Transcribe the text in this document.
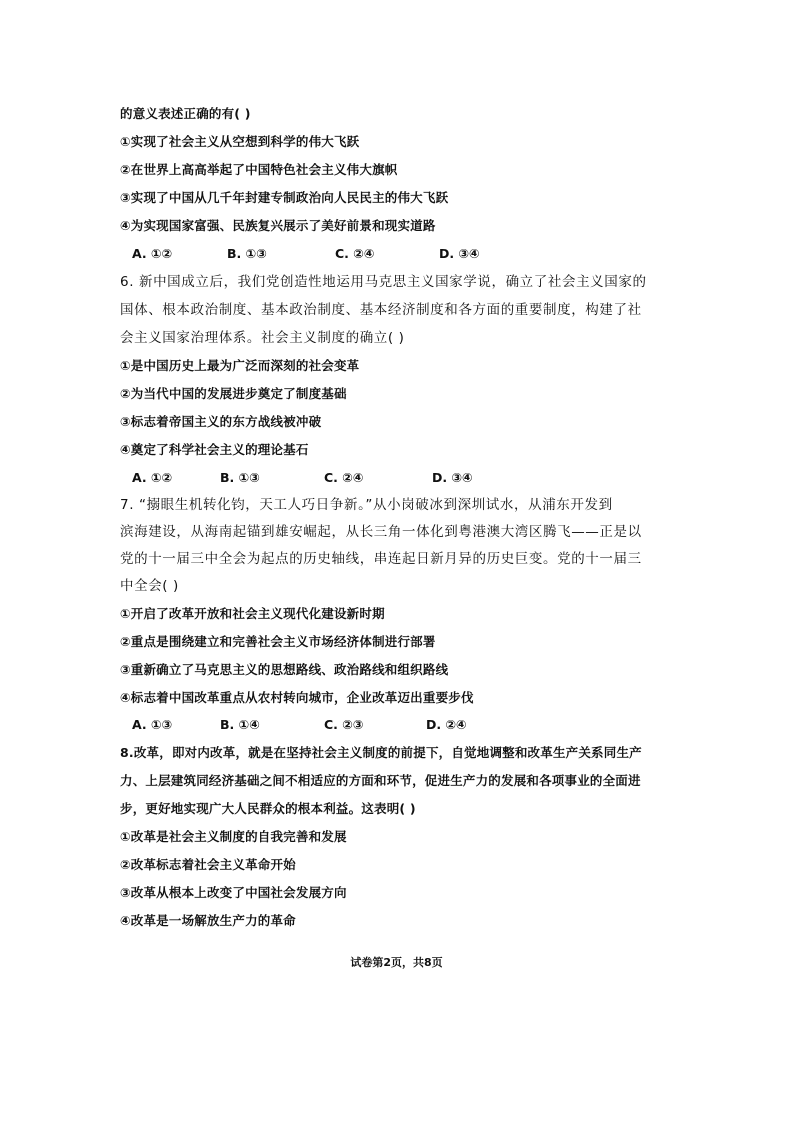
的意义表述正确的有( )
①实现了社会主义从空想到科学的伟大飞跃
②在世界上高高举起了中国特色社会主义伟大旗帜
③实现了中国从几千年封建专制政治向人民民主的伟大飞跃
④为实现国家富强、民族复兴展示了美好前景和现实道路
A. ①②	B. ①③	C. ②④	D. ③④
6. 新中国成立后，我们党创造性地运用马克思主义国家学说，确立了社会主义国家的
国体、根本政治制度、基本政治制度、基本经济制度和各方面的重要制度，构建了社
会主义国家治理体系。社会主义制度的确立( )
①是中国历史上最为广泛而深刻的社会变革
②为当代中国的发展进步奠定了制度基础
③标志着帝国主义的东方战线被冲破
④奠定了科学社会主义的理论基石
A. ①②	B. ①③	C. ②④	D. ③④
7. “搦眼生机转化钧，天工人巧日争新。”从小岗破冰到深圳试水，从浦东开发到
滨海建设，从海南起锚到雄安崛起，从长三角一体化到粤港澳大湾区腾飞——正是以
党的十一届三中全会为起点的历史轴线，串连起日新月异的历史巨变。党的十一届三
中全会( )
①开启了改革开放和社会主义现代化建设新时期
②重点是围绕建立和完善社会主义市场经济体制进行部署
③重新确立了马克思主义的思想路线、政治路线和组织路线
④标志着中国改革重点从农村转向城市，企业改革迈出重要步伐
A. ①③	B. ①④	C. ②③	D. ②④
8.改革，即对内改革，就是在坚持社会主义制度的前提下，自觉地调整和改革生产关系同生产
力、上层建筑同经济基础之间不相适应的方面和环节，促进生产力的发展和各项事业的全面进
步，更好地实现广大人民群众的根本利益。这表明( )
①改革是社会主义制度的自我完善和发展
②改革标志着社会主义革命开始
③改革从根本上改变了中国社会发展方向
④改革是一场解放生产力的革命
试卷第2页，共8页
